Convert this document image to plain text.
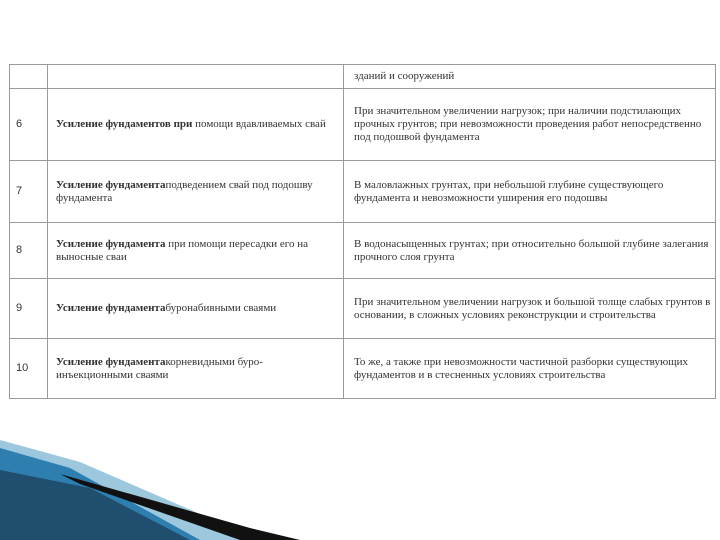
		зданий и сооружений
6	Усиление фундаментов при помощи вдавливаемых свай	При значительном увеличении нагрузок; при наличии подстилающих прочных грунтов; при невозможности проведения работ непосредственно под подошвой фундамента
7	Усиление фундаментаподведением свай под подошву фундамента	В маловлажных грунтах, при небольшой глубине существующего фундамента и невозможности уширения его подошвы
8	Усиление фундамента при помощи пересадки его на выносные сваи	В водонасыщенных грунтах; при относительно большой глубине залегания прочного слоя грунта
9	Усиление фундаментабуронабивными сваями	При значительном увеличении нагрузок и большой толще слабых грунтов в основании, в сложных условиях реконструкции и строительства
10	Усиление фундаментакорневидными буро-инъекционными сваями	То же, а также при невозможности частичной разборки существующих фундаментов и в стесненных условиях строительства
